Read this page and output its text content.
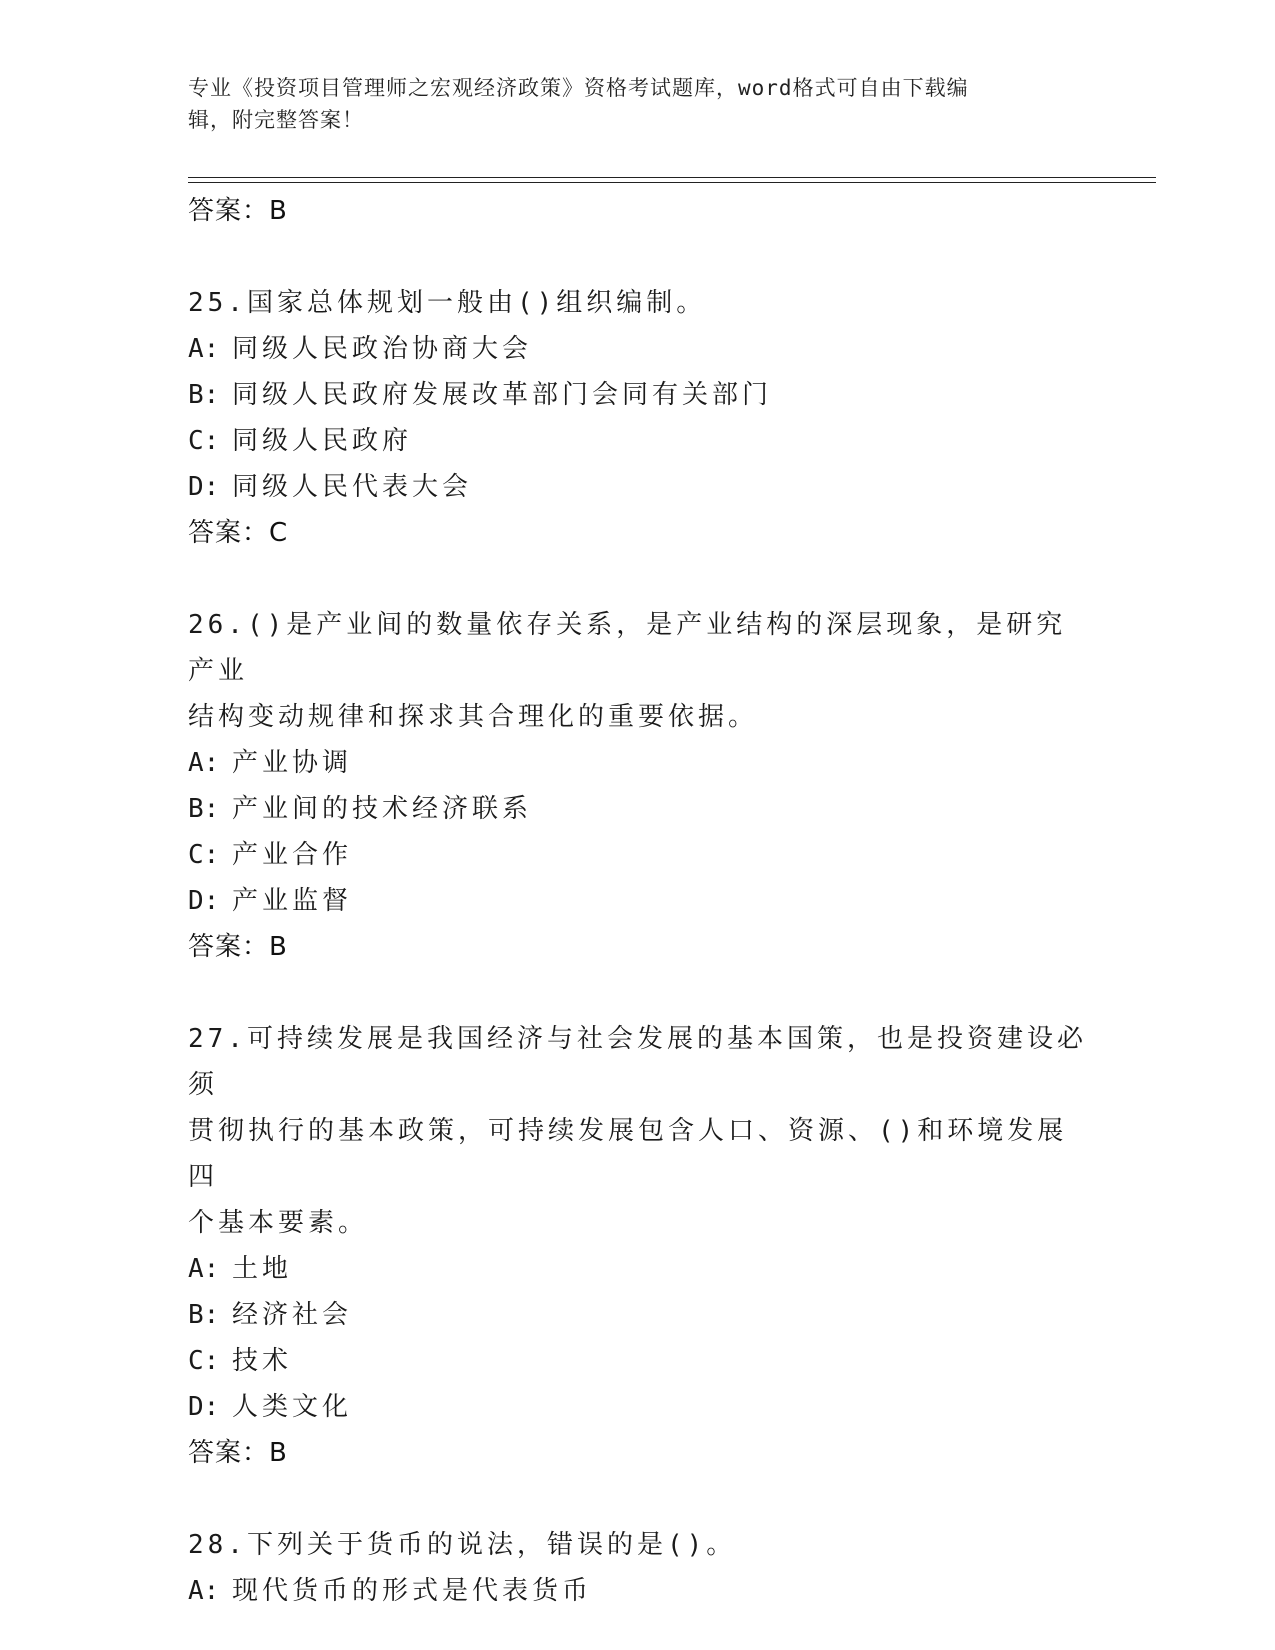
专业《投资项目管理师之宏观经济政策》资格考试题库，word格式可自由下载编
辑，附完整答案！
答案：B
25.国家总体规划一般由()组织编制。
A: 同级人民政治协商大会
B: 同级人民政府发展改革部门会同有关部门
C: 同级人民政府
D: 同级人民代表大会
答案：C
26.()是产业间的数量依存关系，是产业结构的深层现象，是研究产业
结构变动规律和探求其合理化的重要依据。
A: 产业协调
B: 产业间的技术经济联系
C: 产业合作
D: 产业监督
答案：B
27.可持续发展是我国经济与社会发展的基本国策，也是投资建设必须
贯彻执行的基本政策，可持续发展包含人口、资源、()和环境发展四
个基本要素。
A: 土地
B: 经济社会
C: 技术
D: 人类文化
答案：B
28.下列关于货币的说法，错误的是()。
A: 现代货币的形式是代表货币
